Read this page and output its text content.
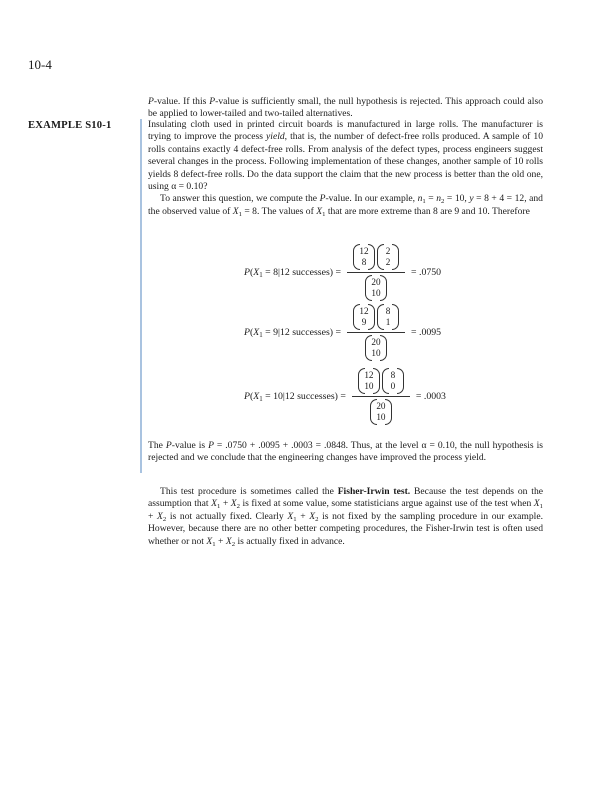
10-4

P-value. If this P-value is sufficiently small, the null hypothesis is rejected. This approach could also be applied to lower-tailed and two-tailed alternatives.

EXAMPLE S10-1	Insulating cloth used in printed circuit boards is manufactured in large rolls. The manufacturer is trying to improve the process yield, that is, the number of defect-free rolls produced. A sample of 10 rolls contains exactly 4 defect-free rolls. From analysis of the defect types, process engineers suggest several changes in the process. Following implementation of these changes, another sample of 10 rolls yields 8 defect-free rolls. Do the data support the claim that the new process is better than the old one, using α = 0.10?

To answer this question, we compute the P-value. In our example, $n_1 = n_2 = 10$, y = 8 + 4 = 12, and the observed value of $X_1 = 8$. The values of $X_1$ that are more extreme than 8 are 9 and 10. Therefore

$P(X_1 = 8|12$ successes) = 12
8
2
2
20
10 = .0750
$P(X_1 = 9|12$ successes) = 12
9
8
1
20
10 = .0095
$P(X_1 = 10|12$ successes) = 12
10
8
0
20
10 = .0003

The P-value is P = .0750 + .0095 + .0003 = .0848. Thus, at the level α = 0.10, the null hypothesis is rejected and we conclude that the engineering changes have improved the process yield.

This test procedure is sometimes called the Fisher-Irwin test. Because the test depends on the assumption that $X_1 + X_2$ is fixed at some value, some statisticians argue against use of the test when $X_1 + X_2$ is not actually fixed. Clearly $X_1 + X_2$ is not fixed by the sampling procedure in our example. However, because there are no other better competing procedures, the Fisher-Irwin test is often used whether or not $X_1 + X_2$ is actually fixed in advance.
